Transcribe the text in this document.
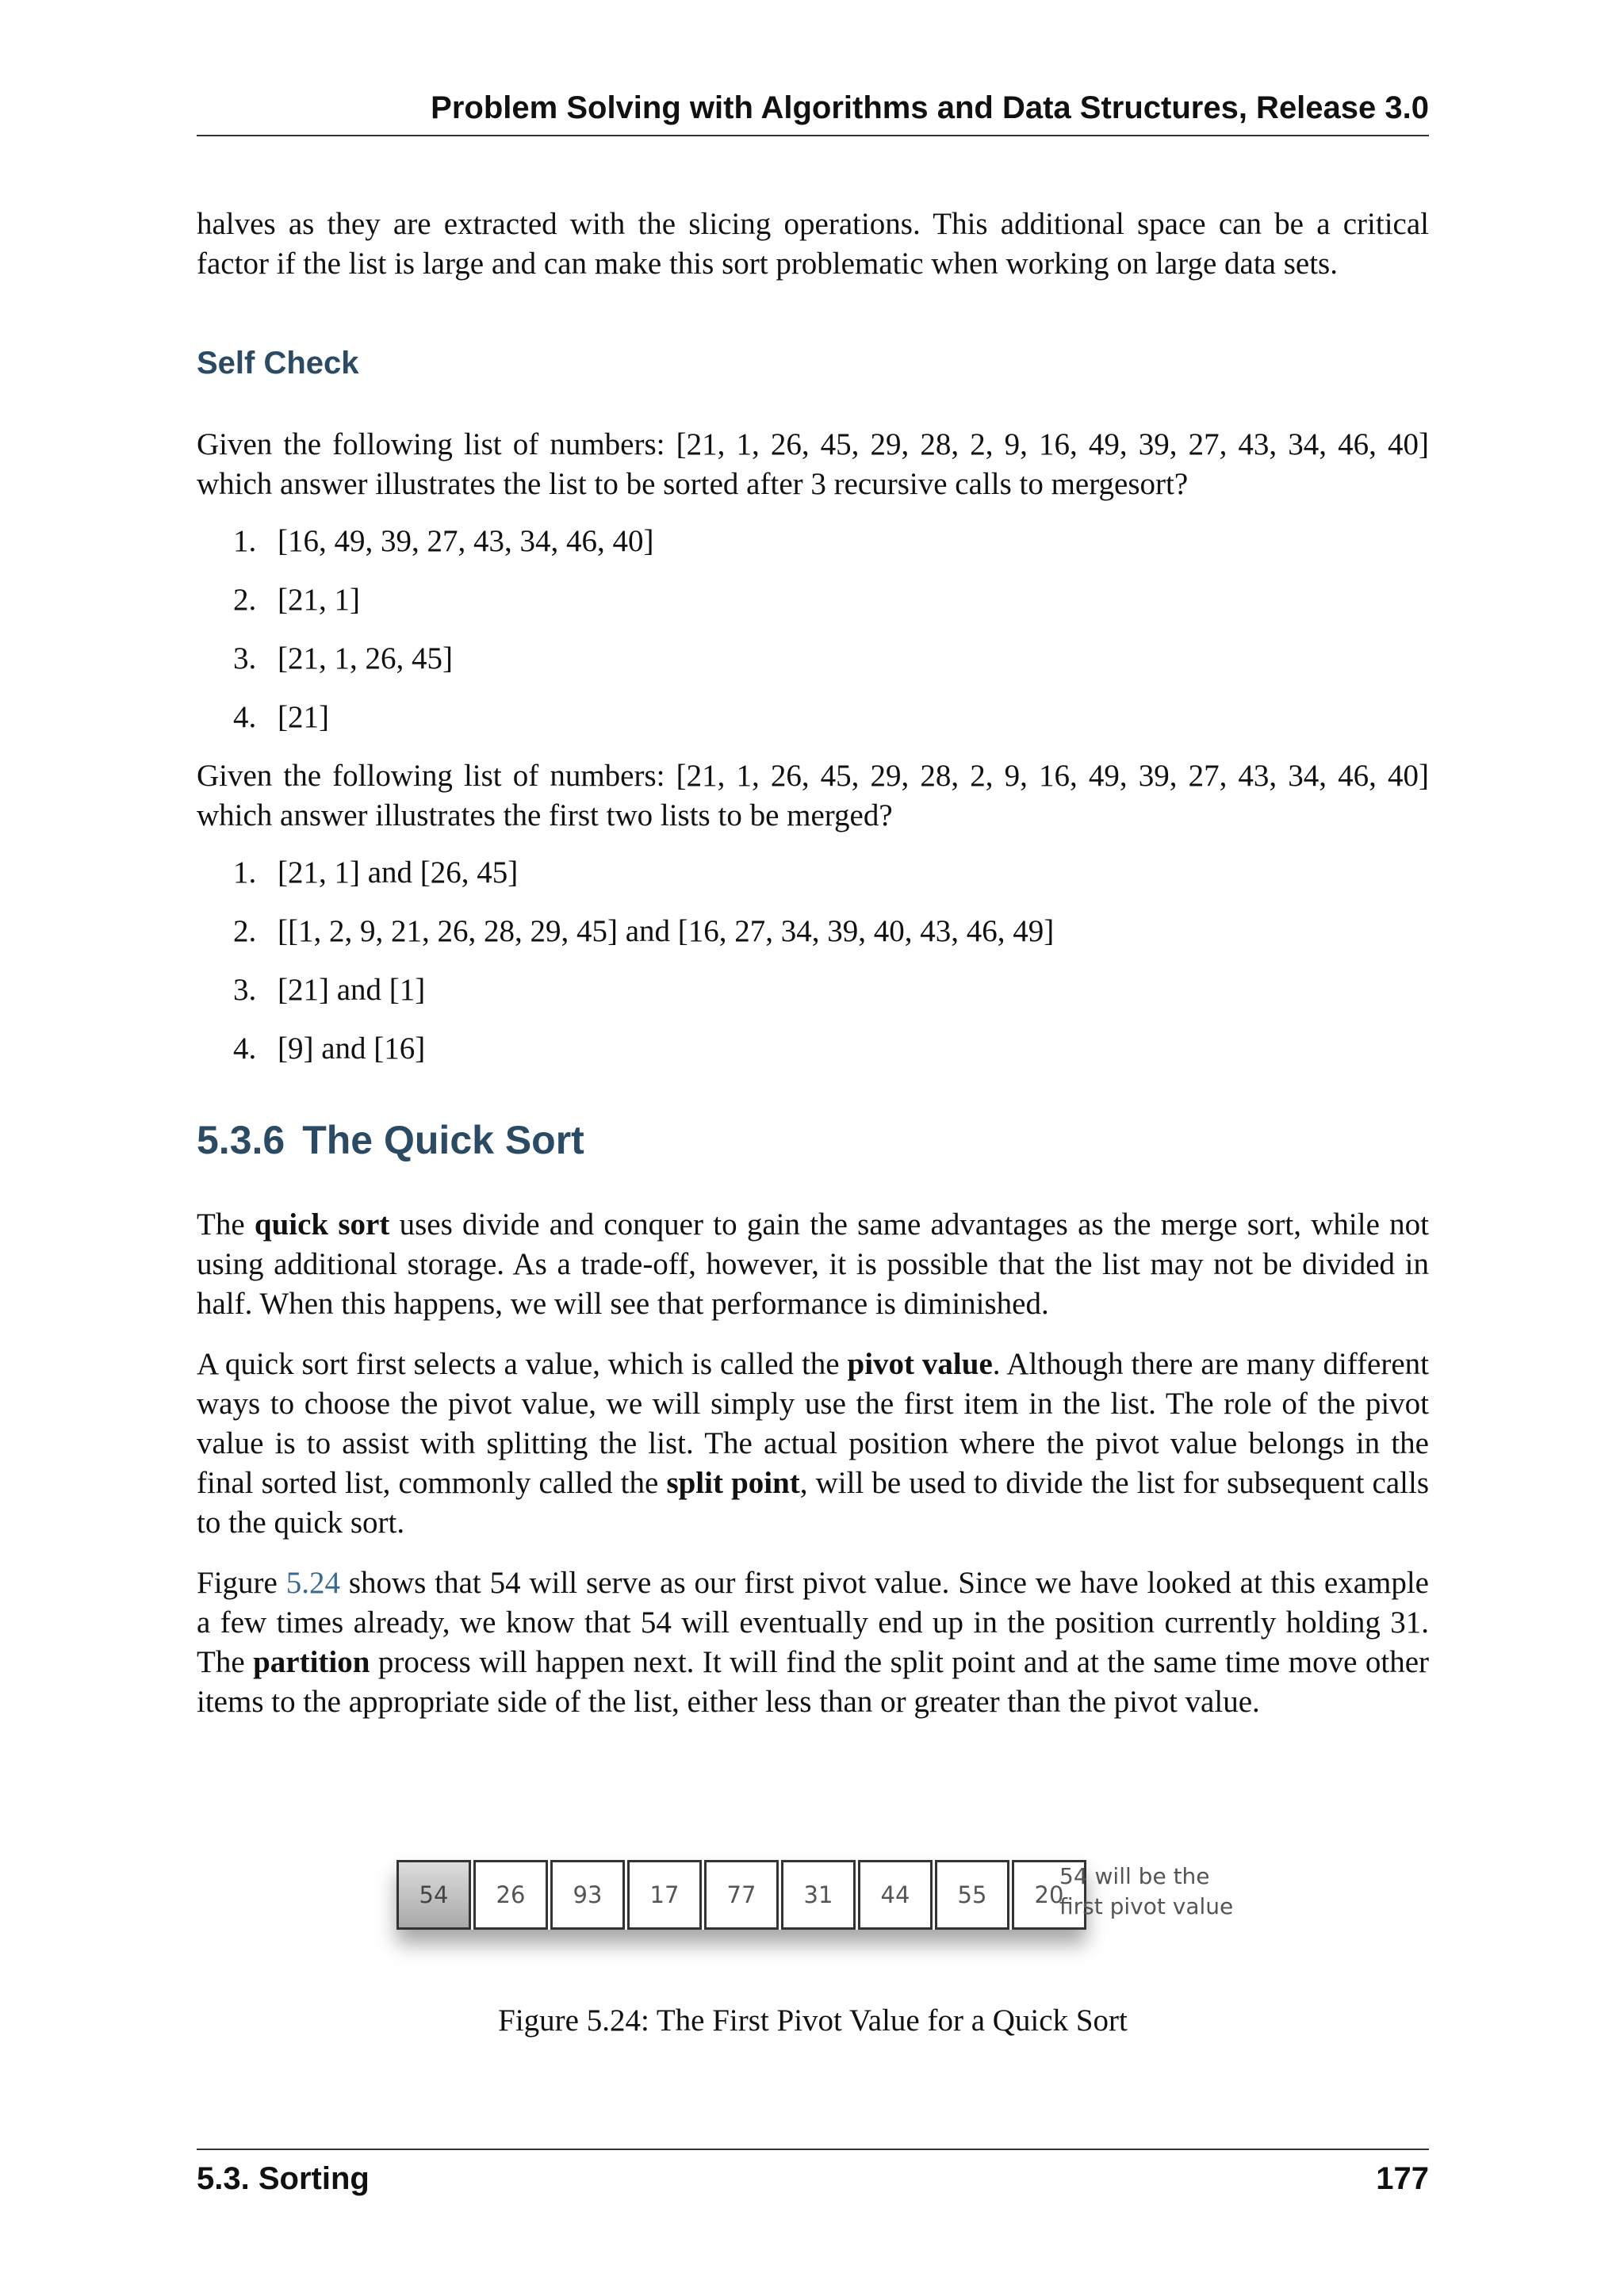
Problem Solving with Algorithms and Data Structures, Release 3.0

halves as they are extracted with the slicing operations. This additional space can be a critical factor if the list is large and can make this sort problematic when working on large data sets.

Self Check

Given the following list of numbers: [21, 1, 26, 45, 29, 28, 2, 9, 16, 49, 39, 27, 43, 34, 46, 40] which answer illustrates the list to be sorted after 3 recursive calls to mergesort?

1. [16, 49, 39, 27, 43, 34, 46, 40]
2. [21, 1]
3. [21, 1, 26, 45]
4. [21]

Given the following list of numbers: [21, 1, 26, 45, 29, 28, 2, 9, 16, 49, 39, 27, 43, 34, 46, 40] which answer illustrates the first two lists to be merged?

1. [21, 1] and [26, 45]
2. [[1, 2, 9, 21, 26, 28, 29, 45] and [16, 27, 34, 39, 40, 43, 46, 49]
3. [21] and [1]
4. [9] and [16]
5.3.6 The Quick Sort

The quick sort uses divide and conquer to gain the same advantages as the merge sort, while not using additional storage. As a trade-off, however, it is possible that the list may not be divided in half. When this happens, we will see that performance is diminished.

A quick sort first selects a value, which is called the pivot value. Although there are many different ways to choose the pivot value, we will simply use the first item in the list. The role of the pivot value is to assist with splitting the list. The actual position where the pivot value belongs in the final sorted list, commonly called the split point, will be used to divide the list for subsequent calls to the quick sort.

Figure 5.24 shows that 54 will serve as our first pivot value. Since we have looked at this example a few times already, we know that 54 will eventually end up in the position currently holding 31. The partition process will happen next. It will find the split point and at the same time move other items to the appropriate side of the list, either less than or greater than the pivot value.

54	26	93	17	77	31	44	55	20
54 will be the
first pivot value
Figure 5.24: The First Pivot Value for a Quick Sort
5.3. Sorting	177
